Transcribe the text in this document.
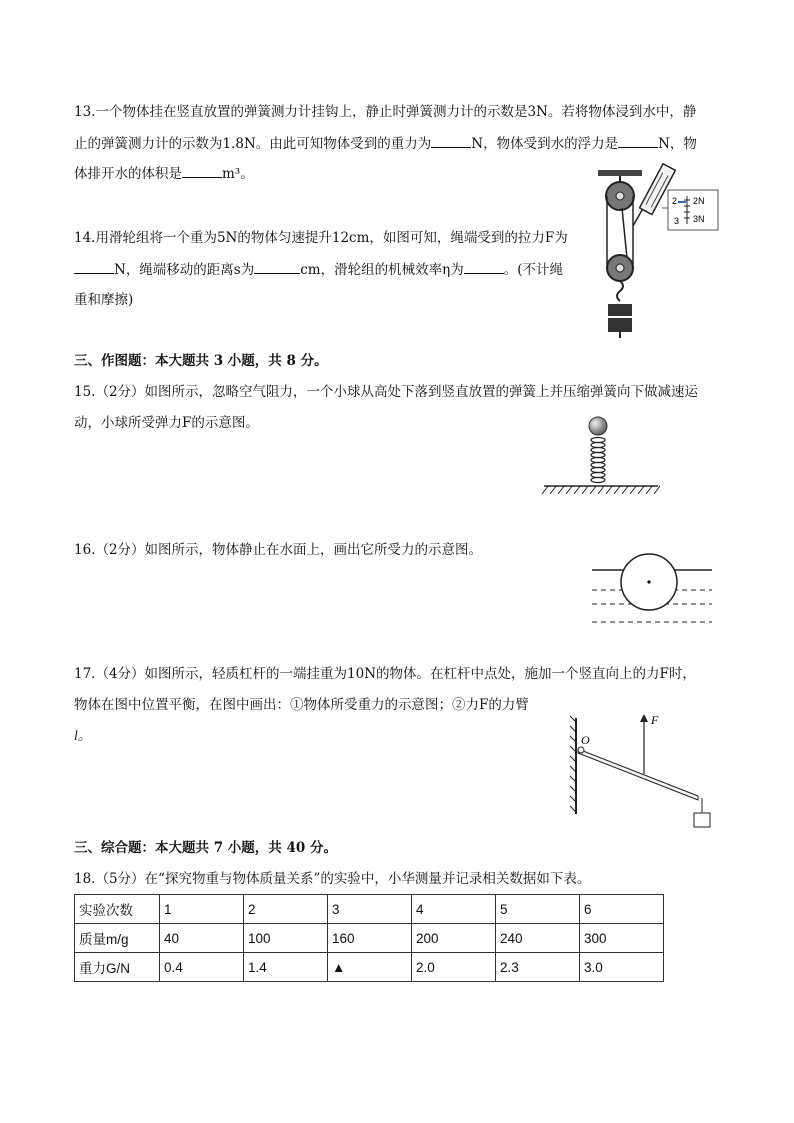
13.一个物体挂在竖直放置的弹簧测力计挂钩上，静止时弹簧测力计的示数是3N。若将物体浸到水中，静
止的弹簧测力计的示数为1.8N。由此可知物体受到的重力为	N，物体受到水的浮力是	N，物
体排开水的体积是	m³。
14.用滑轮组将一个重为5N的物体匀速提升12cm，如图可知，绳端受到的拉力F为
N，绳端移动的距离s为	cm，滑轮组的机械效率η为	。(不计绳
重和摩擦)
2 2N
3 3N
三、作图题：本大题共 3 小题，共 8 分。
15.（2分）如图所示，忽略空气阻力，一个小球从高处下落到竖直放置的弹簧上并压缩弹簧向下做减速运
动，小球所受弹力F的示意图。
16.（2分）如图所示，物体静止在水面上，画出它所受力的示意图。
17.（4分）如图所示，轻质杠杆的一端挂重为10N的物体。在杠杆中点处，施加一个竖直向上的力F时，
物体在图中位置平衡，在图中画出：①物体所受重力的示意图；②力F的力臂
l。	O
F
三、综合题：本大题共 7 小题，共 40 分。
18.（5分）在“探究物重与物体质量关系”的实验中，小华测量并记录相关数据如下表。
实验次数	1	2	3	4	5	6
质量m/g	40	100	160	200	240	300
重力G/N	0.4	1.4	▲	2.0	2.3	3.0
